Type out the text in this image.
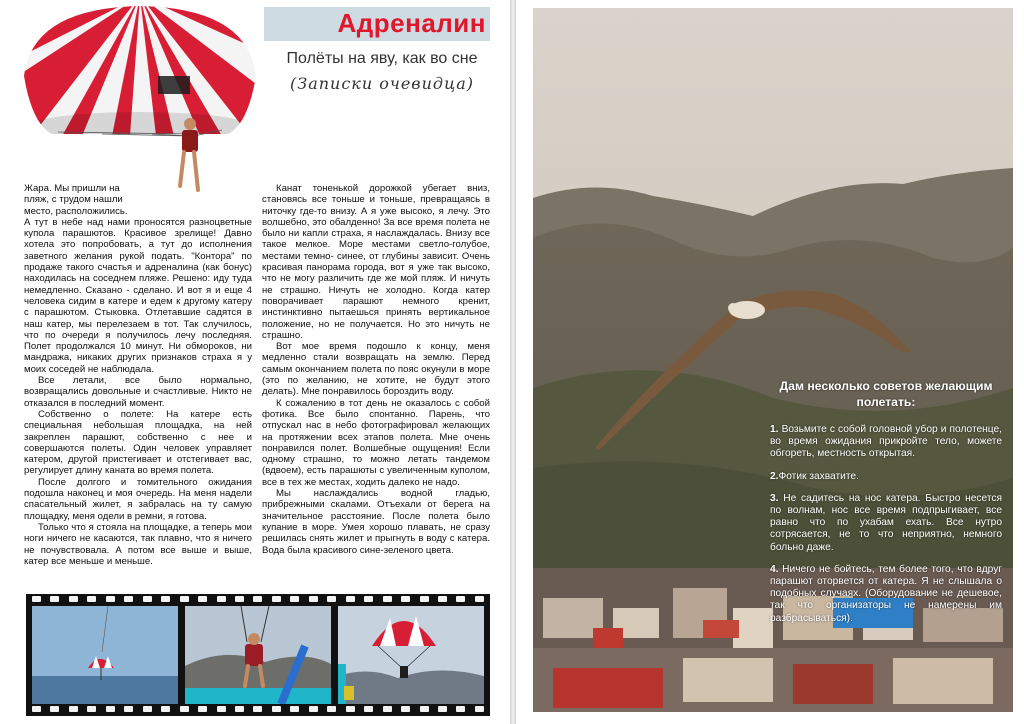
Адреналин
Полёты на яву, как во сне
(Записки очевидца)

Жара. Мы пришли на пляж, с трудом нашли место, расположились.

А тут в небе над нами проносятся разноцветные купола парашютов. Красивое зрелище! Давно хотела это попробовать, а тут до исполнения заветного желания рукой подать. "Контора" по продаже такого счастья и адреналина (как бонус) находилась на соседнем пляже. Решено: иду туда немедленно. Сказано - сделано. И вот я и еще 4 человека сидим в катере и едем к другому катеру с парашютом. Стыковка. Отлетавшие садятся в наш катер, мы перелезаем в тот. Так случилось, что по очереди я получилось лечу последняя. Полет продолжался 10 минут. Ни обмороков, ни мандража, никаких других признаков страха я у моих соседей не наблюдала.

Все летали, все было нормально, возвращались довольные и счастливые. Никто не отказался в последний момент.

Собственно о полете: На катере есть специальная небольшая площадка, на ней закреплен парашют, собственно с нее и совершаются полеты. Один человек управляет катером, другой пристегивает и отстегивает вас, регулирует длину каната во время полета.

После долгого и томительного ожидания подошла наконец и моя очередь. На меня надели спасательный жилет, я забралась на ту самую площадку, меня одели в ремни, я готова.

Только что я стояла на площадке, а теперь мои ноги ничего не касаются, так плавно, что я ничего не почувствовала. А потом все выше и выше, катер все меньше и меньше.

Канат тоненькой дорожкой убегает вниз, становясь все тоньше и тоньше, превращаясь в ниточку где-то внизу. А я уже высоко, я лечу. Это волшебно, это обалденно! За все время полета не было ни капли страха, я наслаждалась. Внизу все такое мелкое. Море местами светло-голубое, местами темно- синее, от глубины зависит. Очень красивая панорама города, вот я уже так высоко, что не могу различить где же мой пляж. И ничуть не страшно. Ничуть не холодно. Когда катер поворачивает парашют немного кренит, инстинктивно пытаешься принять вертикальное положение, но не получается. Но это ничуть не страшно.

Вот мое время подошло к концу, меня медленно стали возвращать на землю. Перед самым окончанием полета по пояс окунули в море (это по желанию, не хотите, не будут этого делать). Мне понравилось бороздить воду.

К сожалению в тот день не оказалось с собой фотика. Все было спонтанно. Парень, что отпускал нас в небо фотографировал желающих на протяжении всех этапов полета. Мне очень понравился полет. Волшебные ощущения! Если одному страшно, то можно летать тандемом (вдвоем), есть парашюты с увеличенным куполом, все в тех же местах, ходить далеко не надо.

Мы наслаждались водной гладью, прибрежными скалами. Отъехали от берега на значительное расстояние. После полета было купание в море. Умея хорошо плавать, не сразу решилась снять жилет и прыгнуть в воду с катера. Вода была красивого сине-зеленого цвета.

Дам несколько советов желающим полетать:

1. Возьмите с собой головной убор и полотенце, во время ожидания прикройте тело, можете обгореть, местность открытая.

2.Фотик захватите.

3. Не садитесь на нос катера. Быстро несется по волнам, нос все время подпрыгивает, все равно что по ухабам ехать. Все нутро сотрясается, не то что неприятно, немного больно даже.

4. Ничего не бойтесь, тем более того, что вдруг парашют оторвется от катера. Я не слышала о подобных случаях. (Оборудование не дешевое, так что организаторы не намерены им разбрасываться).
